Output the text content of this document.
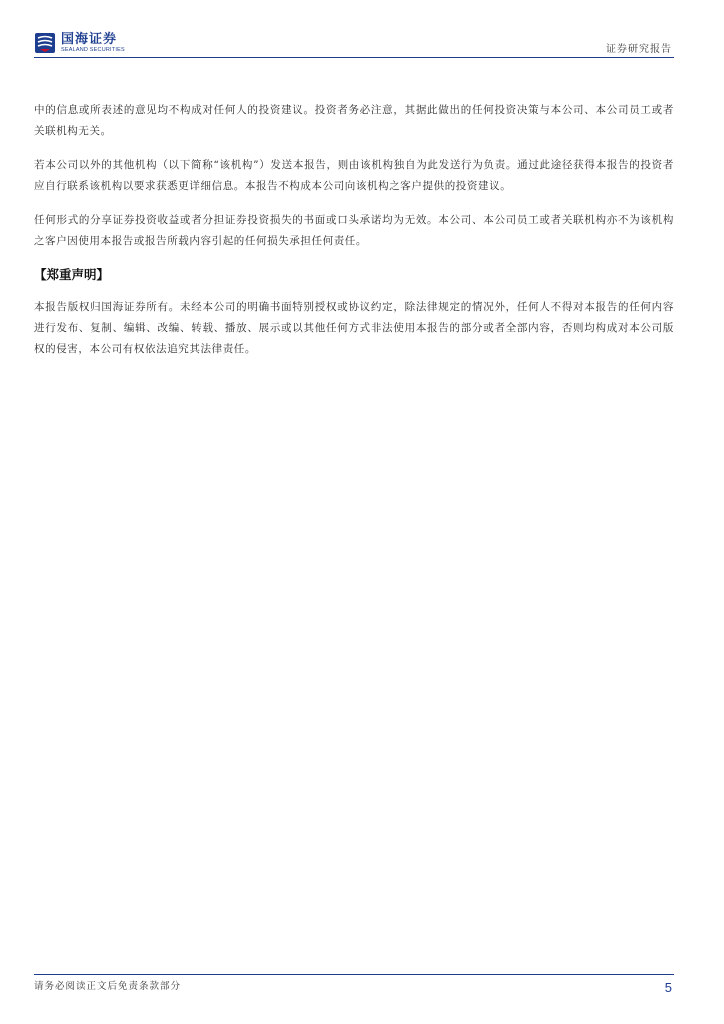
国海证券
SEALAND SECURITIES	证券研究报告

中的信息或所表述的意见均不构成对任何人的投资建议。投资者务必注意，其据此做出的任何投资决策与本公司、本公司员工或者关联机构无关。

若本公司以外的其他机构（以下简称“该机构”）发送本报告，则由该机构独自为此发送行为负责。通过此途径获得本报告的投资者应自行联系该机构以要求获悉更详细信息。本报告不构成本公司向该机构之客户提供的投资建议。

任何形式的分享证券投资收益或者分担证券投资损失的书面或口头承诺均为无效。本公司、本公司员工或者关联机构亦不为该机构之客户因使用本报告或报告所载内容引起的任何损失承担任何责任。

【郑重声明】

本报告版权归国海证券所有。未经本公司的明确书面特别授权或协议约定，除法律规定的情况外，任何人不得对本报告的任何内容进行发布、复制、编辑、改编、转载、播放、展示或以其他任何方式非法使用本报告的部分或者全部内容，否则均构成对本公司版权的侵害，本公司有权依法追究其法律责任。

请务必阅读正文后免责条款部分	5
